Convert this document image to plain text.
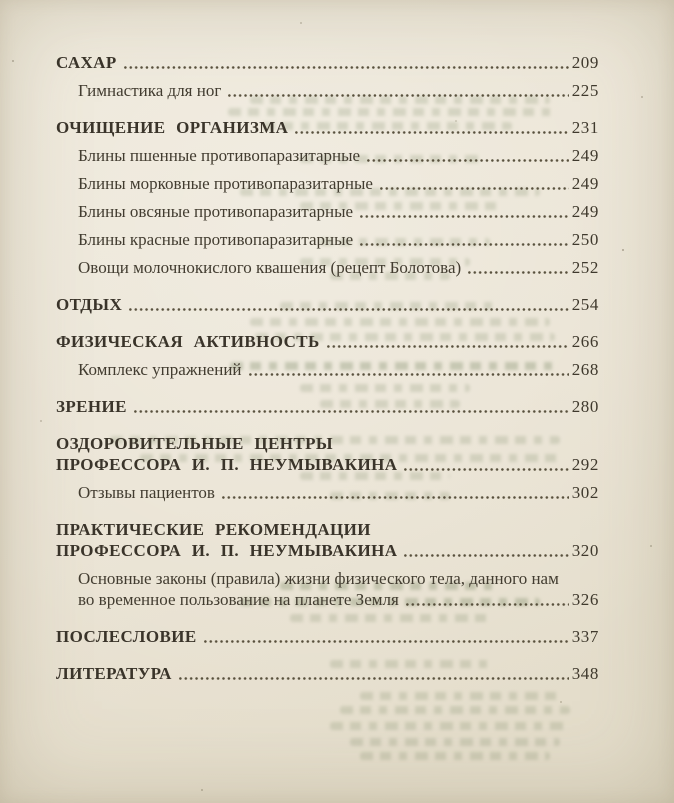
САХАР	209
Гимнастика для ног	225
ОЧИЩЕНИЕ ОРГАНИЗМА	231
Блины пшенные противопаразитарные	249
Блины морковные противопаразитарные	249
Блины овсяные противопаразитарные	249
Блины красные противопаразитарные	250
Овощи молочнокислого квашения (рецепт Болотова)	252
ОТДЫХ	254
ФИЗИЧЕСКАЯ АКТИВНОСТЬ	266
Комплекс упражнений	268
ЗРЕНИЕ	280
ОЗДОРОВИТЕЛЬНЫЕ ЦЕНТРЫ
ПРОФЕССОРА И. П. НЕУМЫВАКИНА	292
Отзывы пациентов	302
ПРАКТИЧЕСКИЕ РЕКОМЕНДАЦИИ
ПРОФЕССОРА И. П. НЕУМЫВАКИНА	320
Основные законы (правила) жизни физического тела, данного нам
во временное пользование на планете Земля	326
ПОСЛЕСЛОВИЕ	337
ЛИТЕРАТУРА	348
